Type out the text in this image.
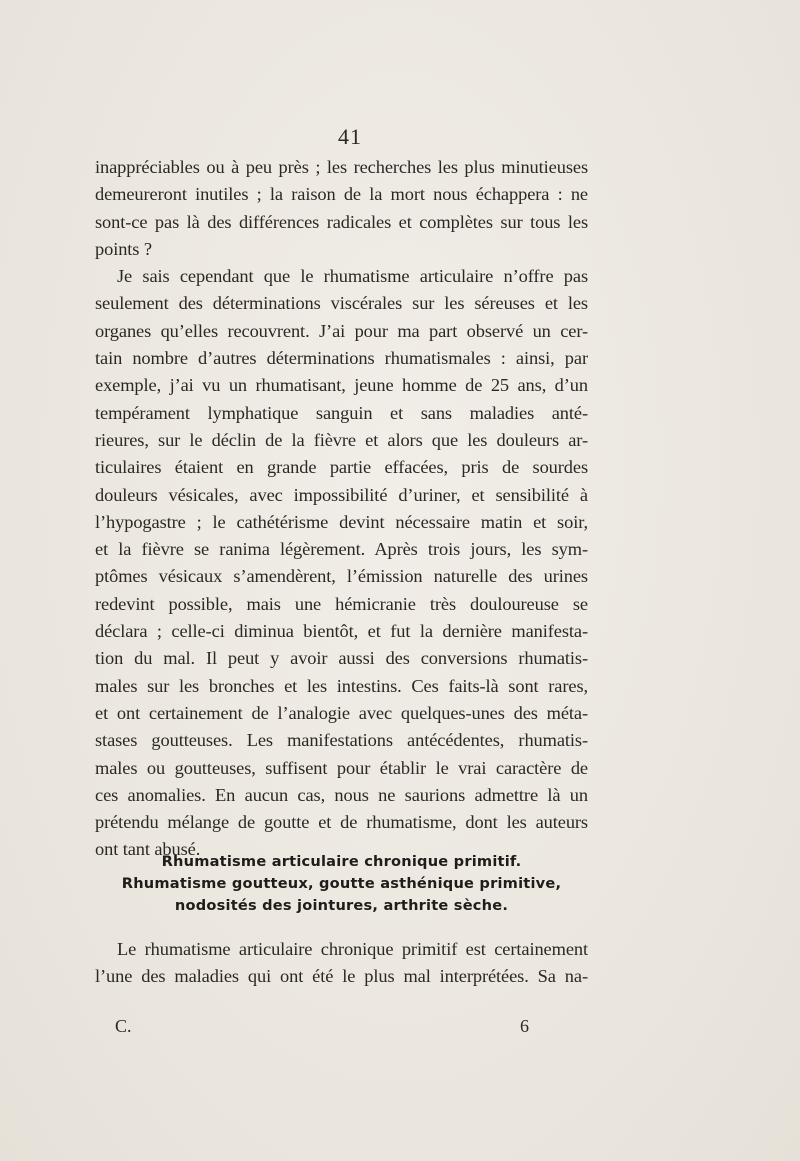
41
inappréciables ou à peu près ; les recherches les plus minutieuses
demeureront inutiles ; la raison de la mort nous échappera : ne
sont-ce pas là des différences radicales et complètes sur tous les
points ?
Je sais cependant que le rhumatisme articulaire n’offre pas
seulement des déterminations viscérales sur les séreuses et les
organes qu’elles recouvrent. J’ai pour ma part observé un cer-
tain nombre d’autres déterminations rhumatismales : ainsi, par
exemple, j’ai vu un rhumatisant, jeune homme de 25 ans, d’un
tempérament lymphatique sanguin et sans maladies anté-
rieures, sur le déclin de la fièvre et alors que les douleurs ar-
ticulaires étaient en grande partie effacées, pris de sourdes
douleurs vésicales, avec impossibilité d’uriner, et sensibilité à
l’hypogastre ; le cathétérisme devint nécessaire matin et soir,
et la fièvre se ranima légèrement. Après trois jours, les sym-
ptômes vésicaux s’amendèrent, l’émission naturelle des urines
redevint possible, mais une hémicranie très douloureuse se
déclara ; celle-ci diminua bientôt, et fut la dernière manifesta-
tion du mal. Il peut y avoir aussi des conversions rhumatis-
males sur les bronches et les intestins. Ces faits-là sont rares,
et ont certainement de l’analogie avec quelques-unes des méta-
stases goutteuses. Les manifestations antécédentes, rhumatis-
males ou goutteuses, suffisent pour établir le vrai caractère de
ces anomalies. En aucun cas, nous ne saurions admettre là un
prétendu mélange de goutte et de rhumatisme, dont les auteurs
ont tant abusé.
Rhumatisme articulaire chronique primitif.
Rhumatisme goutteux, goutte asthénique primitive,
nodosités des jointures, arthrite sèche.
Le rhumatisme articulaire chronique primitif est certainement
l’une des maladies qui ont été le plus mal interprétées. Sa na-
C.	6
